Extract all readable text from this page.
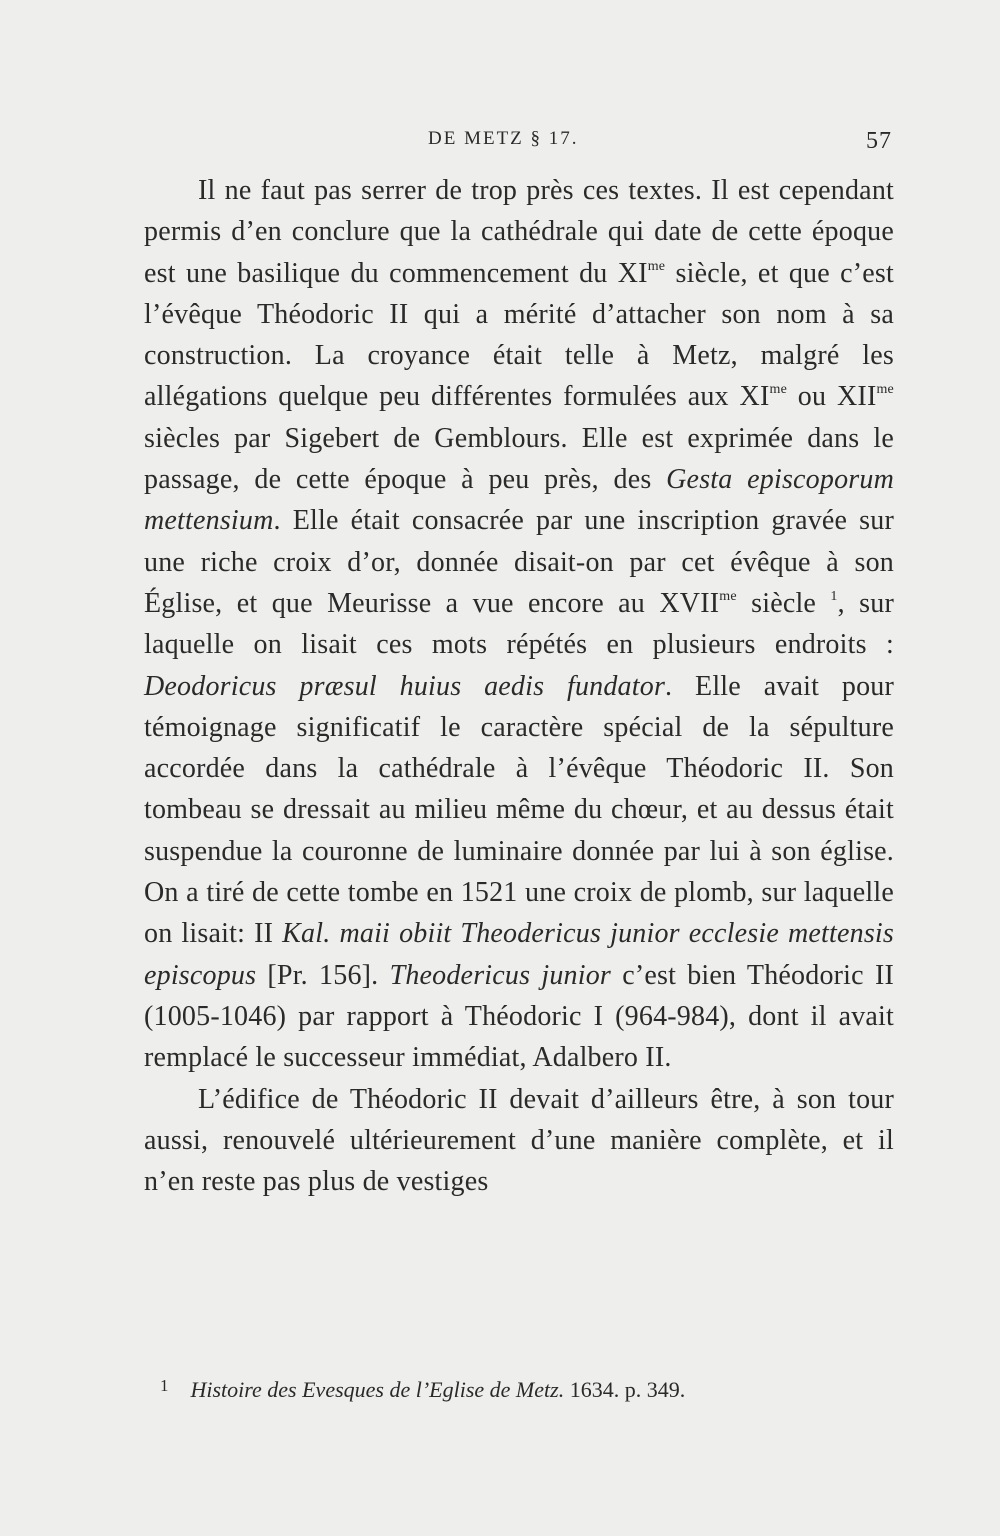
DE METZ § 17.	57

Il ne faut pas serrer de trop près ces textes. Il est cependant permis d’en conclure que la cathédrale qui date de cette époque est une basilique du commencement du $XI^{me}$ siècle, et que c’est l’évêque Théodoric II qui a mérité d’attacher son nom à sa construction. La croyance était telle à Metz, malgré les allégations quelque peu différentes formulées aux $XI^{me}$ ou $XII^{me}$ siècles par Sigebert de Gemblours. Elle est exprimée dans le passage, de cette époque à peu près, des Gesta episcoporum mettensium. Elle était consacrée par une inscription gravée sur une riche croix d’or, donnée disait-on par cet évêque à son Église, et que Meurisse a vue encore au $XVII^{me}$ siècle $^1$, sur laquelle on lisait ces mots répétés en plusieurs endroits : Deodoricus præsul huius aedis fundator. Elle avait pour témoignage significatif le caractère spécial de la sépulture accordée dans la cathédrale à l’évêque Théodoric II. Son tombeau se dressait au milieu même du chœur, et au dessus était suspendue la couronne de luminaire donnée par lui à son église. On a tiré de cette tombe en 1521 une croix de plomb, sur laquelle on lisait: II Kal. maii obiit Theodericus junior ecclesie mettensis episcopus [Pr. 156]. Theodericus junior c’est bien Théodoric II (1005-1046) par rapport à Théodoric I (964-984), dont il avait remplacé le successeur immédiat, Adalbero II.

L’édifice de Théodoric II devait d’ailleurs être, à son tour aussi, renouvelé ultérieurement d’une manière complète, et il n’en reste pas plus de vestiges

$^1$ Histoire des Evesques de l’Eglise de Metz. 1634. p. 349.
